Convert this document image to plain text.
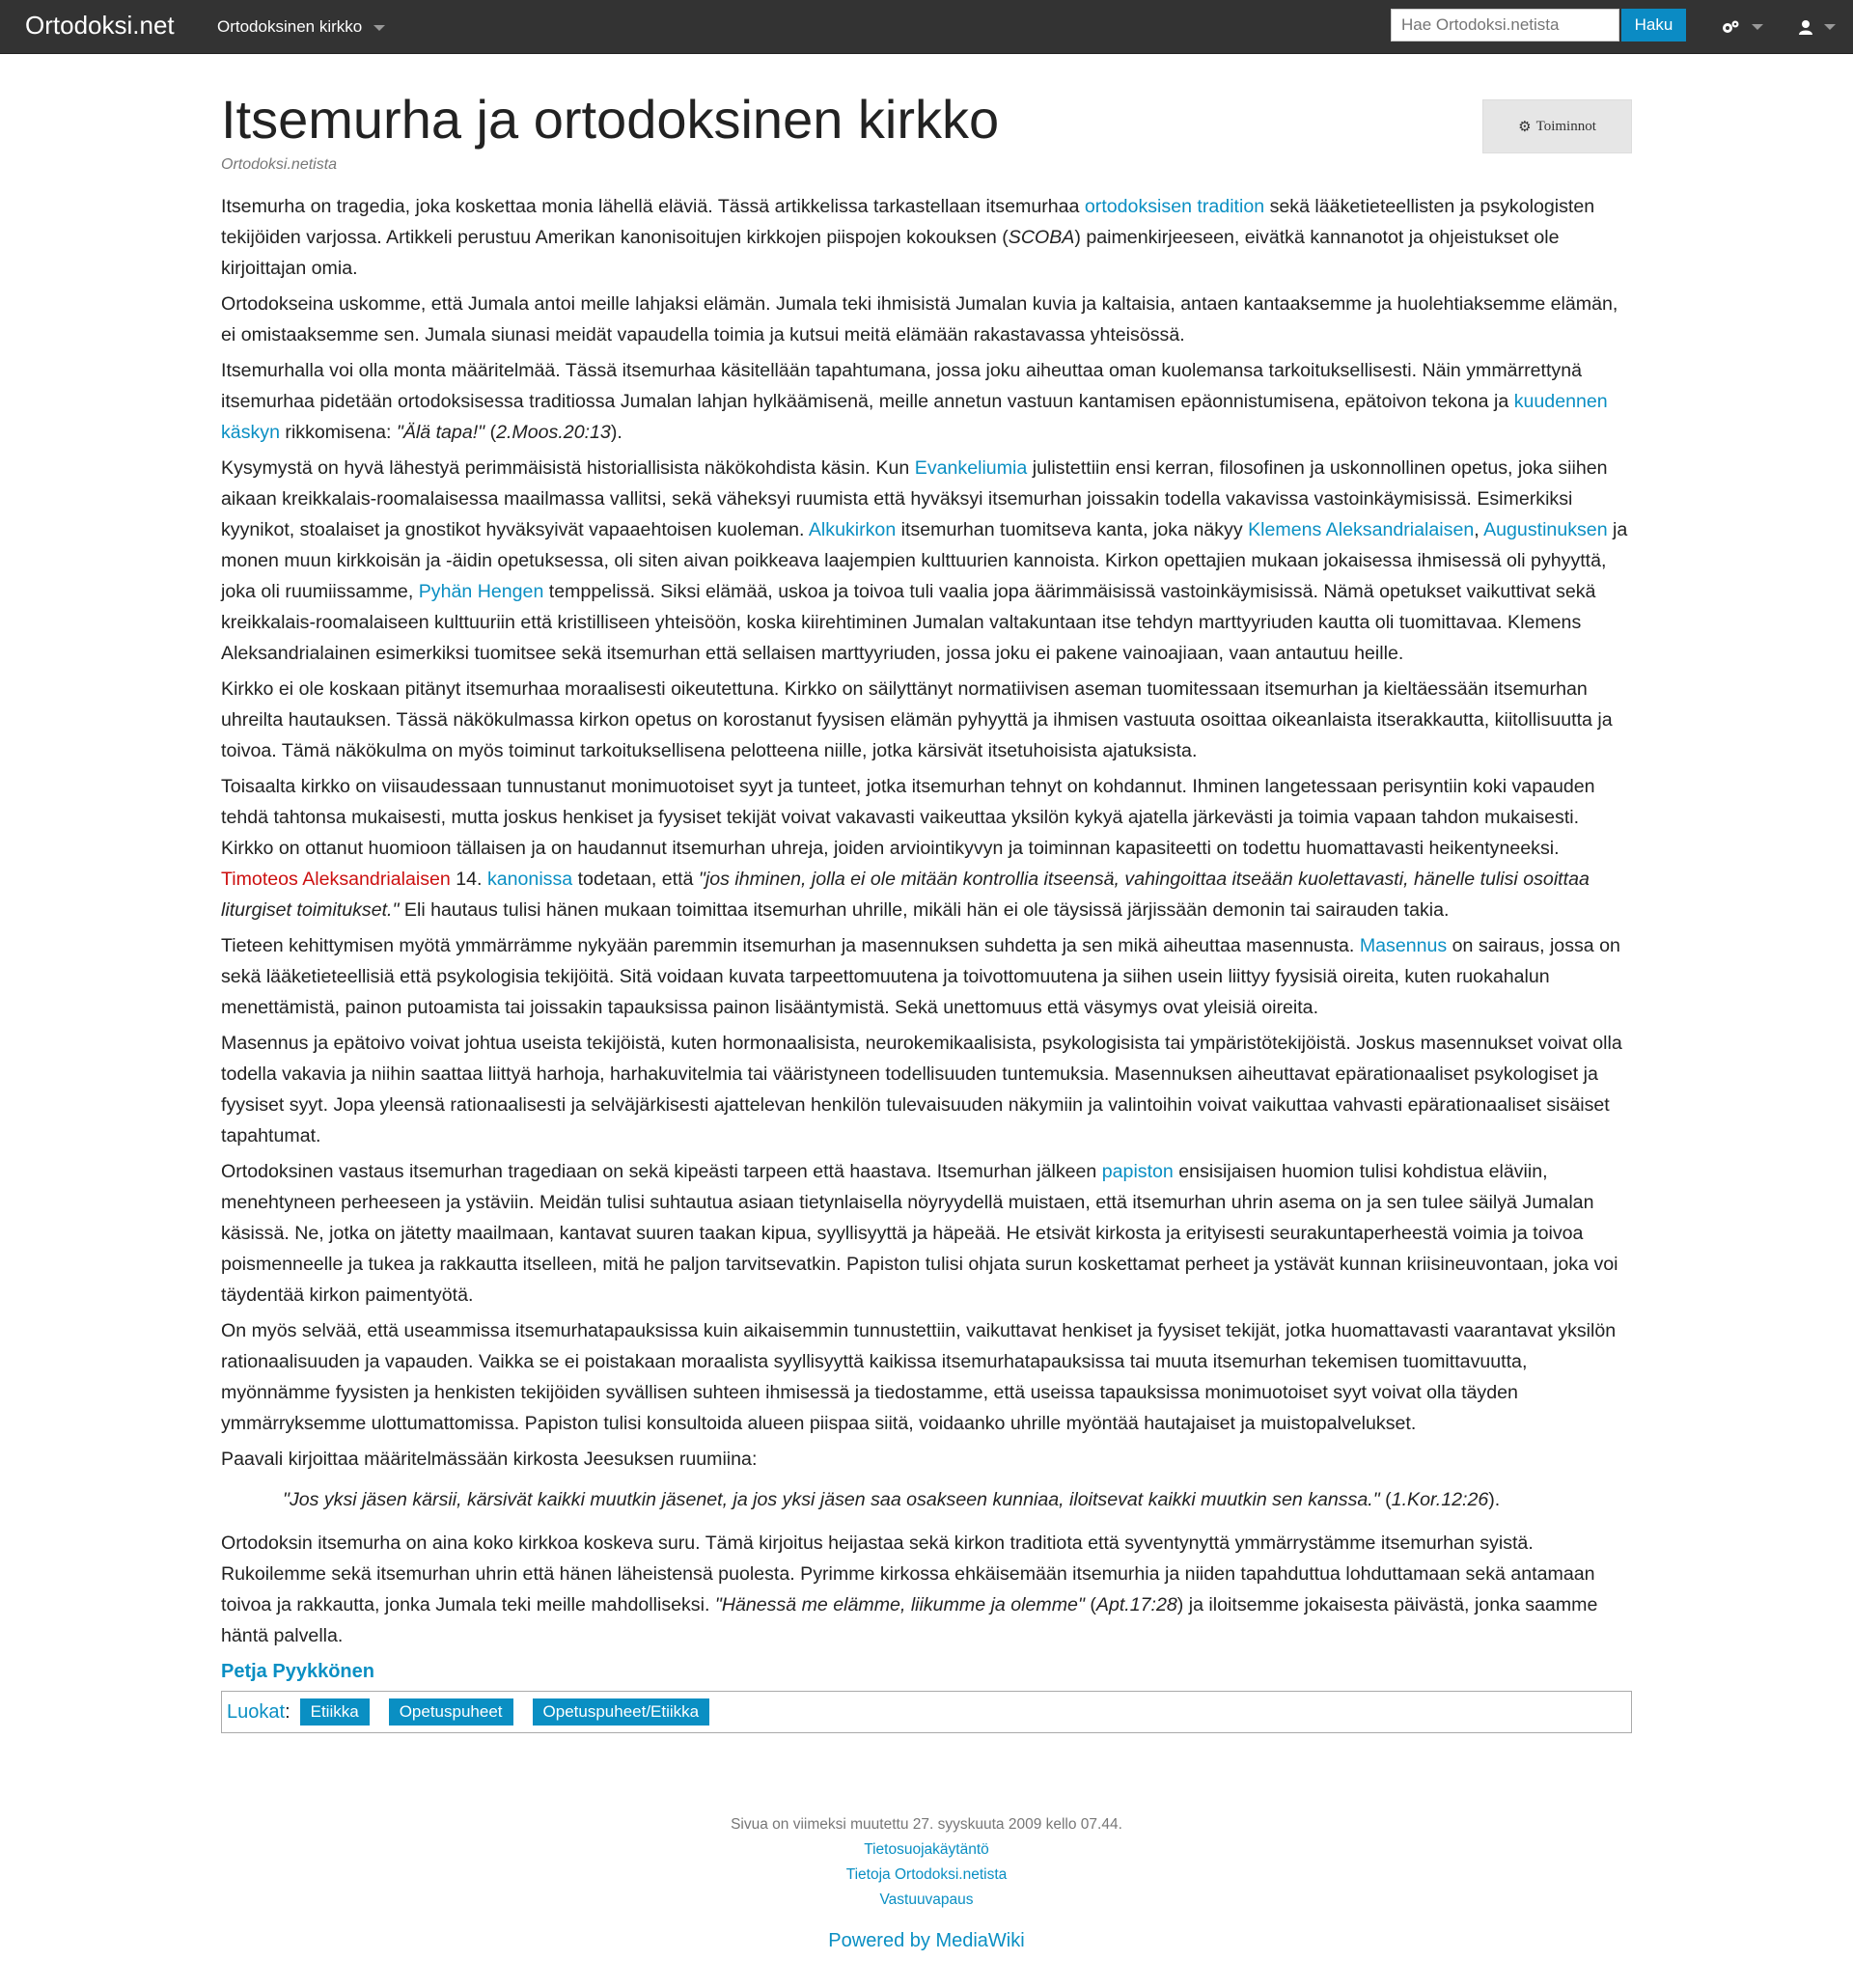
Ortodoksi.net	Ortodoksinen kirkko
Hae Ortodoksi.netista	Haku
Itsemurha ja ortodoksinen kirkko
Ortodoksi.netista
⚙ Toiminnot

Itsemurha on tragedia, joka koskettaa monia lähellä eläviä. Tässä artikkelissa tarkastellaan itsemurhaa ortodoksisen tradition sekä lääketieteellisten ja psykologisten tekijöiden varjossa. Artikkeli perustuu Amerikan kanonisoitujen kirkkojen piispojen kokouksen (SCOBA) paimenkirjeeseen, eivätkä kannanotot ja ohjeistukset ole kirjoittajan omia.

Ortodokseina uskomme, että Jumala antoi meille lahjaksi elämän. Jumala teki ihmisistä Jumalan kuvia ja kaltaisia, antaen kantaaksemme ja huolehtiaksemme elämän, ei omistaaksemme sen. Jumala siunasi meidät vapaudella toimia ja kutsui meitä elämään rakastavassa yhteisössä.

Itsemurhalla voi olla monta määritelmää. Tässä itsemurhaa käsitellään tapahtumana, jossa joku aiheuttaa oman kuolemansa tarkoituksellisesti. Näin ymmärrettynä itsemurhaa pidetään ortodoksisessa traditiossa Jumalan lahjan hylkäämisenä, meille annetun vastuun kantamisen epäonnistumisena, epätoivon tekona ja kuudennen käskyn rikkomisena: "Älä tapa!" (2.Moos.20:13).

Kysymystä on hyvä lähestyä perimmäisistä historiallisista näkökohdista käsin. Kun Evankeliumia julistettiin ensi kerran, filosofinen ja uskonnollinen opetus, joka siihen aikaan kreikkalais-roomalaisessa maailmassa vallitsi, sekä väheksyi ruumista että hyväksyi itsemurhan joissakin todella vakavissa vastoinkäymisissä. Esimerkiksi kyynikot, stoalaiset ja gnostikot hyväksyivät vapaaehtoisen kuoleman. Alkukirkon itsemurhan tuomitseva kanta, joka näkyy Klemens Aleksandrialaisen, Augustinuksen ja monen muun kirkkoisän ja -äidin opetuksessa, oli siten aivan poikkeava laajempien kulttuurien kannoista. Kirkon opettajien mukaan jokaisessa ihmisessä oli pyhyyttä, joka oli ruumiissamme, Pyhän Hengen temppelissä. Siksi elämää, uskoa ja toivoa tuli vaalia jopa äärimmäisissä vastoinkäymisissä. Nämä opetukset vaikuttivat sekä kreikkalais-roomalaiseen kulttuuriin että kristilliseen yhteisöön, koska kiirehtiminen Jumalan valtakuntaan itse tehdyn marttyyriuden kautta oli tuomittavaa. Klemens Aleksandrialainen esimerkiksi tuomitsee sekä itsemurhan että sellaisen marttyyriuden, jossa joku ei pakene vainoajiaan, vaan antautuu heille.

Kirkko ei ole koskaan pitänyt itsemurhaa moraalisesti oikeutettuna. Kirkko on säilyttänyt normatiivisen aseman tuomitessaan itsemurhan ja kieltäessään itsemurhan uhreilta hautauksen. Tässä näkökulmassa kirkon opetus on korostanut fyysisen elämän pyhyyttä ja ihmisen vastuuta osoittaa oikeanlaista itserakkautta, kiitollisuutta ja toivoa. Tämä näkökulma on myös toiminut tarkoituksellisena pelotteena niille, jotka kärsivät itsetuhoisista ajatuksista.

Toisaalta kirkko on viisaudessaan tunnustanut monimuotoiset syyt ja tunteet, jotka itsemurhan tehnyt on kohdannut. Ihminen langetessaan perisyntiin koki vapauden tehdä tahtonsa mukaisesti, mutta joskus henkiset ja fyysiset tekijät voivat vakavasti vaikeuttaa yksilön kykyä ajatella järkevästi ja toimia vapaan tahdon mukaisesti. Kirkko on ottanut huomioon tällaisen ja on haudannut itsemurhan uhreja, joiden arviointikyvyn ja toiminnan kapasiteetti on todettu huomattavasti heikentyneeksi. Timoteos Aleksandrialaisen 14. kanonissa todetaan, että "jos ihminen, jolla ei ole mitään kontrollia itseensä, vahingoittaa itseään kuolettavasti, hänelle tulisi osoittaa liturgiset toimitukset." Eli hautaus tulisi hänen mukaan toimittaa itsemurhan uhrille, mikäli hän ei ole täysissä järjissään demonin tai sairauden takia.

Tieteen kehittymisen myötä ymmärrämme nykyään paremmin itsemurhan ja masennuksen suhdetta ja sen mikä aiheuttaa masennusta. Masennus on sairaus, jossa on sekä lääketieteellisiä että psykologisia tekijöitä. Sitä voidaan kuvata tarpeettomuutena ja toivottomuutena ja siihen usein liittyy fyysisiä oireita, kuten ruokahalun menettämistä, painon putoamista tai joissakin tapauksissa painon lisääntymistä. Sekä unettomuus että väsymys ovat yleisiä oireita.

Masennus ja epätoivo voivat johtua useista tekijöistä, kuten hormonaalisista, neurokemikaalisista, psykologisista tai ympäristötekijöistä. Joskus masennukset voivat olla todella vakavia ja niihin saattaa liittyä harhoja, harhakuvitelmia tai vääristyneen todellisuuden tuntemuksia. Masennuksen aiheuttavat epärationaaliset psykologiset ja fyysiset syyt. Jopa yleensä rationaalisesti ja selväjärkisesti ajattelevan henkilön tulevaisuuden näkymiin ja valintoihin voivat vaikuttaa vahvasti epärationaaliset sisäiset tapahtumat.

Ortodoksinen vastaus itsemurhan tragediaan on sekä kipeästi tarpeen että haastava. Itsemurhan jälkeen papiston ensisijaisen huomion tulisi kohdistua eläviin, menehtyneen perheeseen ja ystäviin. Meidän tulisi suhtautua asiaan tietynlaisella nöyryydellä muistaen, että itsemurhan uhrin asema on ja sen tulee säilyä Jumalan käsissä. Ne, jotka on jätetty maailmaan, kantavat suuren taakan kipua, syyllisyyttä ja häpeää. He etsivät kirkosta ja erityisesti seurakuntaperheestä voimia ja toivoa poismenneelle ja tukea ja rakkautta itselleen, mitä he paljon tarvitsevatkin. Papiston tulisi ohjata surun koskettamat perheet ja ystävät kunnan kriisineuvontaan, joka voi täydentää kirkon paimentyötä.

On myös selvää, että useammissa itsemurhatapauksissa kuin aikaisemmin tunnustettiin, vaikuttavat henkiset ja fyysiset tekijät, jotka huomattavasti vaarantavat yksilön rationaalisuuden ja vapauden. Vaikka se ei poistakaan moraalista syyllisyyttä kaikissa itsemurhatapauksissa tai muuta itsemurhan tekemisen tuomittavuutta, myönnämme fyysisten ja henkisten tekijöiden syvällisen suhteen ihmisessä ja tiedostamme, että useissa tapauksissa monimuotoiset syyt voivat olla täyden ymmärryksemme ulottumattomissa. Papiston tulisi konsultoida alueen piispaa siitä, voidaanko uhrille myöntää hautajaiset ja muistopalvelukset.

Paavali kirjoittaa määritelmässään kirkosta Jeesuksen ruumiina:

"Jos yksi jäsen kärsii, kärsivät kaikki muutkin jäsenet, ja jos yksi jäsen saa osakseen kunniaa, iloitsevat kaikki muutkin sen kanssa." (1.Kor.12:26).

Ortodoksin itsemurha on aina koko kirkkoa koskeva suru. Tämä kirjoitus heijastaa sekä kirkon traditiota että syventynyttä ymmärrystämme itsemurhan syistä. Rukoilemme sekä itsemurhan uhrin että hänen läheistensä puolesta. Pyrimme kirkossa ehkäisemään itsemurhia ja niiden tapahduttua lohduttamaan sekä antamaan toivoa ja rakkautta, jonka Jumala teki meille mahdolliseksi. "Hänessä me elämme, liikumme ja olemme" (Apt.17:28) ja iloitsemme jokaisesta päivästä, jonka saamme häntä palvella.

Petja Pyykkönen
Luokat :	Etiikka	Opetuspuheet	Opetuspuheet/Etiikka
Sivua on viimeksi muutettu 27. syyskuuta 2009 kello 07.44.
Tietosuojakäytäntö
Tietoja Ortodoksi.netista
Vastuuvapaus
Powered by MediaWiki
